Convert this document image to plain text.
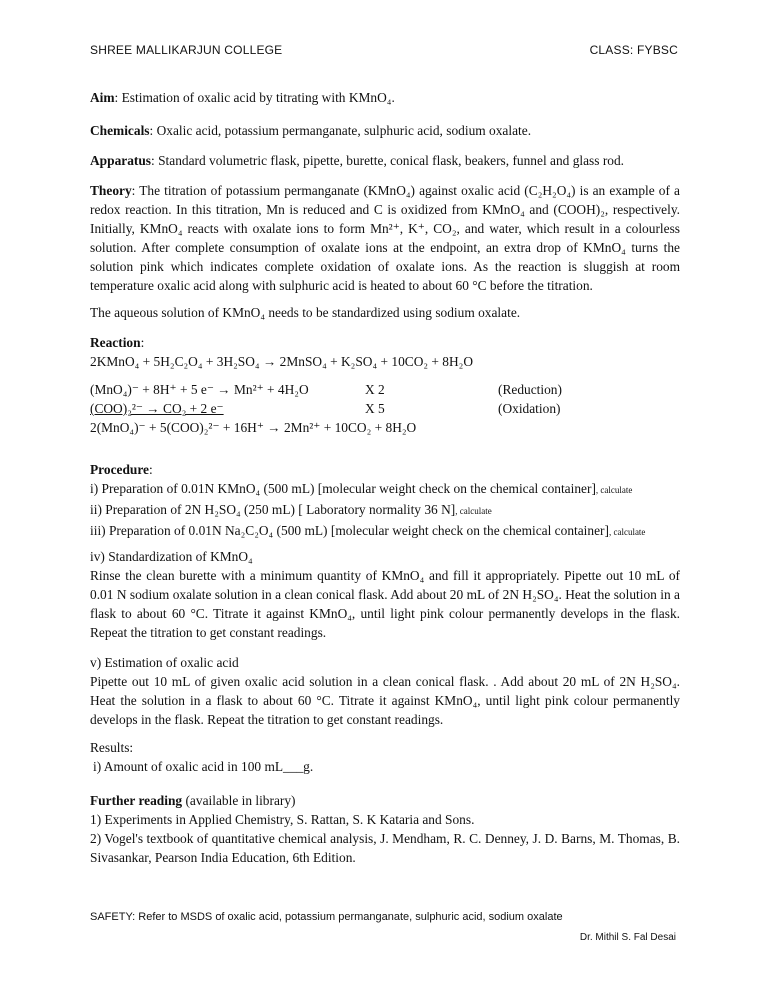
SHREE MALLIKARJUN COLLEGE	CLASS: FYBSC
Aim: Estimation of oxalic acid by titrating with KMnO₄.
Chemicals: Oxalic acid, potassium permanganate, sulphuric acid, sodium oxalate.
Apparatus: Standard volumetric flask, pipette, burette, conical flask, beakers, funnel and glass rod.
Theory: The titration of potassium permanganate (KMnO₄) against oxalic acid (C₂H₂O₄) is an example of a redox reaction. In this titration, Mn is reduced and C is oxidized from KMnO₄ and (COOH)₂, respectively. Initially, KMnO₄ reacts with oxalate ions to form Mn²⁺, K⁺, CO₂, and water, which result in a colourless solution. After complete consumption of oxalate ions at the endpoint, an extra drop of KMnO₄ turns the solution pink which indicates complete oxidation of oxalate ions. As the reaction is sluggish at room temperature oxalic acid along with sulphuric acid is heated to about 60 °C before the titration.
The aqueous solution of KMnO₄ needs to be standardized using sodium oxalate.
Reaction:
2KMnO₄ + 5H₂C₂O₄ + 3H₂SO₄ → 2MnSO₄ + K₂SO₄ + 10CO₂ + 8H₂O
(MnO₄)⁻ + 8H⁺ + 5 e⁻ → Mn²⁺ + 4H₂O	X 2	(Reduction)
(COO)₂²⁻ → CO₂ + 2 e⁻	X 5	(Oxidation)
2(MnO₄)⁻ + 5(COO)₂²⁻ + 16H⁺ → 2Mn²⁺ + 10CO₂ + 8H₂O
Procedure:
i) Preparation of 0.01N KMnO₄ (500 mL) [molecular weight check on the chemical container], calculate
ii) Preparation of 2N H₂SO₄ (250 mL) [ Laboratory normality 36 N], calculate
iii) Preparation of 0.01N Na₂C₂O₄ (500 mL) [molecular weight check on the chemical container], calculate
iv) Standardization of KMnO₄
Rinse the clean burette with a minimum quantity of KMnO₄ and fill it appropriately. Pipette out 10 mL of 0.01 N sodium oxalate solution in a clean conical flask. Add about 20 mL of 2N H₂SO₄. Heat the solution in a flask to about 60 °C. Titrate it against KMnO₄, until light pink colour permanently develops in the flask. Repeat the titration to get constant readings.
v) Estimation of oxalic acid
Pipette out 10 mL of given oxalic acid solution in a clean conical flask. . Add about 20 mL of 2N H₂SO₄. Heat the solution in a flask to about 60 °C. Titrate it against KMnO₄, until light pink colour permanently develops in the flask. Repeat the titration to get constant readings.
Results:
i) Amount of oxalic acid in 100 mL___g.
Further reading (available in library)
1) Experiments in Applied Chemistry, S. Rattan, S. K Kataria and Sons.
2) Vogel's textbook of quantitative chemical analysis, J. Mendham, R. C. Denney, J. D. Barns, M. Thomas, B. Sivasankar, Pearson India Education, 6th Edition.
SAFETY: Refer to MSDS of oxalic acid, potassium permanganate, sulphuric acid, sodium oxalate
Dr. Mithil S. Fal Desai
